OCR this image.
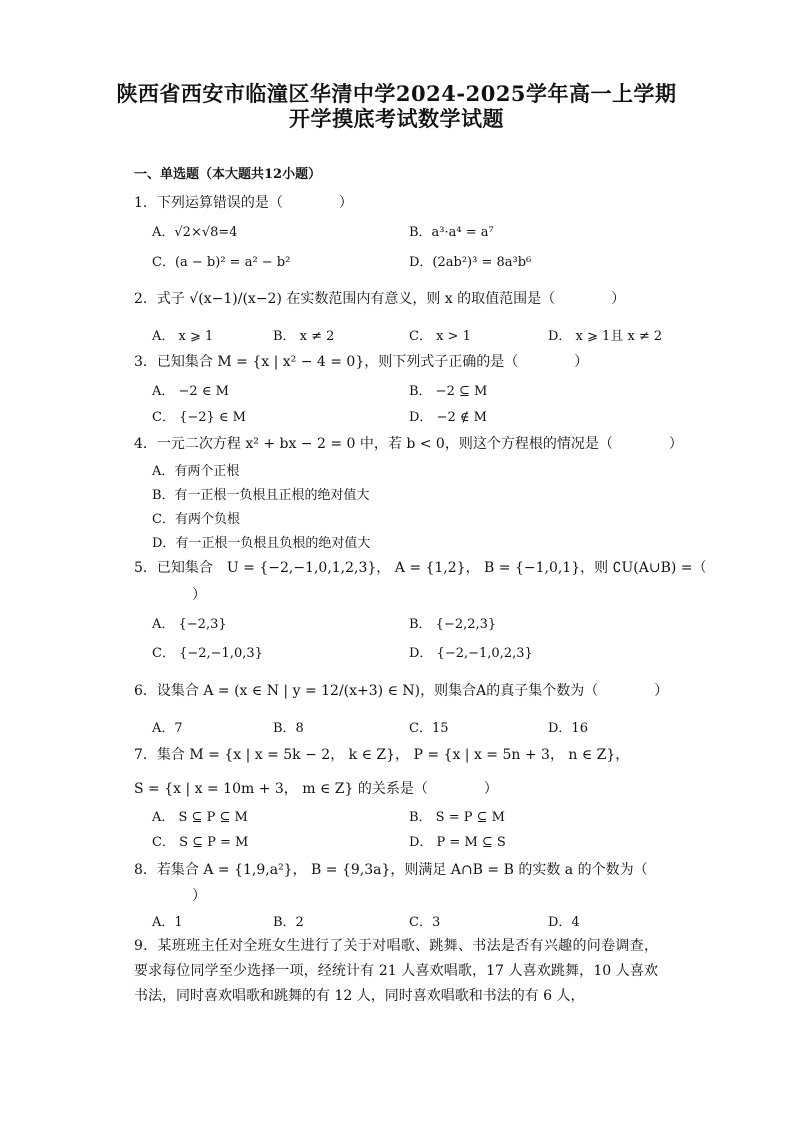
陕西省西安市临潼区华清中学2024-2025学年高一上学期
开学摸底考试数学试题
一、单选题（本大题共12小题）
1．下列运算错误的是（　　　　）
A．√2×√8=4	B．a³·a⁴ = a⁷
C．(a − b)² = a² − b²	D．(2ab²)³ = 8a³b⁶
2．式子 √(x−1)/(x−2) 在实数范围内有意义，则 x 的取值范围是（　　　　）
A． x ⩾ 1	B． x ≠ 2	C． x > 1	D． x ⩾ 1且 x ≠ 2
3．已知集合 M = {x | x² − 4 = 0}，则下列式子正确的是（　　　　）
A． −2 ∈ M	B． −2 ⊆ M
C． {−2} ∈ M	D． −2 ∉ M
4．一元二次方程 x² + bx − 2 = 0 中，若 b < 0，则这个方程根的情况是（　　　　）
A．有两个正根
B．有一正根一负根且正根的绝对值大
C．有两个负根
D．有一正根一负根且负根的绝对值大
5．已知集合　U = {−2,−1,0,1,2,3}， A = {1,2}， B = {−1,0,1}，则 ∁U(A∪B) =（
）
A． {−2,3}	B． {−2,2,3}
C． {−2,−1,0,3}	D． {−2,−1,0,2,3}
6．设集合 A = (x ∈ N | y = 12/(x+3) ∈ N)，则集合A的真子集个数为（　　　　）
A．7	B．8	C．15	D．16
7．集合 M = {x | x = 5k − 2， k ∈ Z}， P = {x | x = 5n + 3， n ∈ Z}，
S = {x | x = 10m + 3， m ∈ Z} 的关系是（　　　　）
A． S ⊆ P ⊆ M	B． S = P ⊆ M
C． S ⊆ P = M	D． P = M ⊆ S
8．若集合 A = {1,9,a²}， B = {9,3a}，则满足 A∩B = B 的实数 a 的个数为（
）
A．1	B．2	C．3	D．4
9．某班班主任对全班女生进行了关于对唱歌、跳舞、书法是否有兴趣的问卷调查，要求每位同学至少选择一项，经统计有 21 人喜欢唱歌，17 人喜欢跳舞，10 人喜欢书法，同时喜欢唱歌和跳舞的有 12 人，同时喜欢唱歌和书法的有 6 人，
